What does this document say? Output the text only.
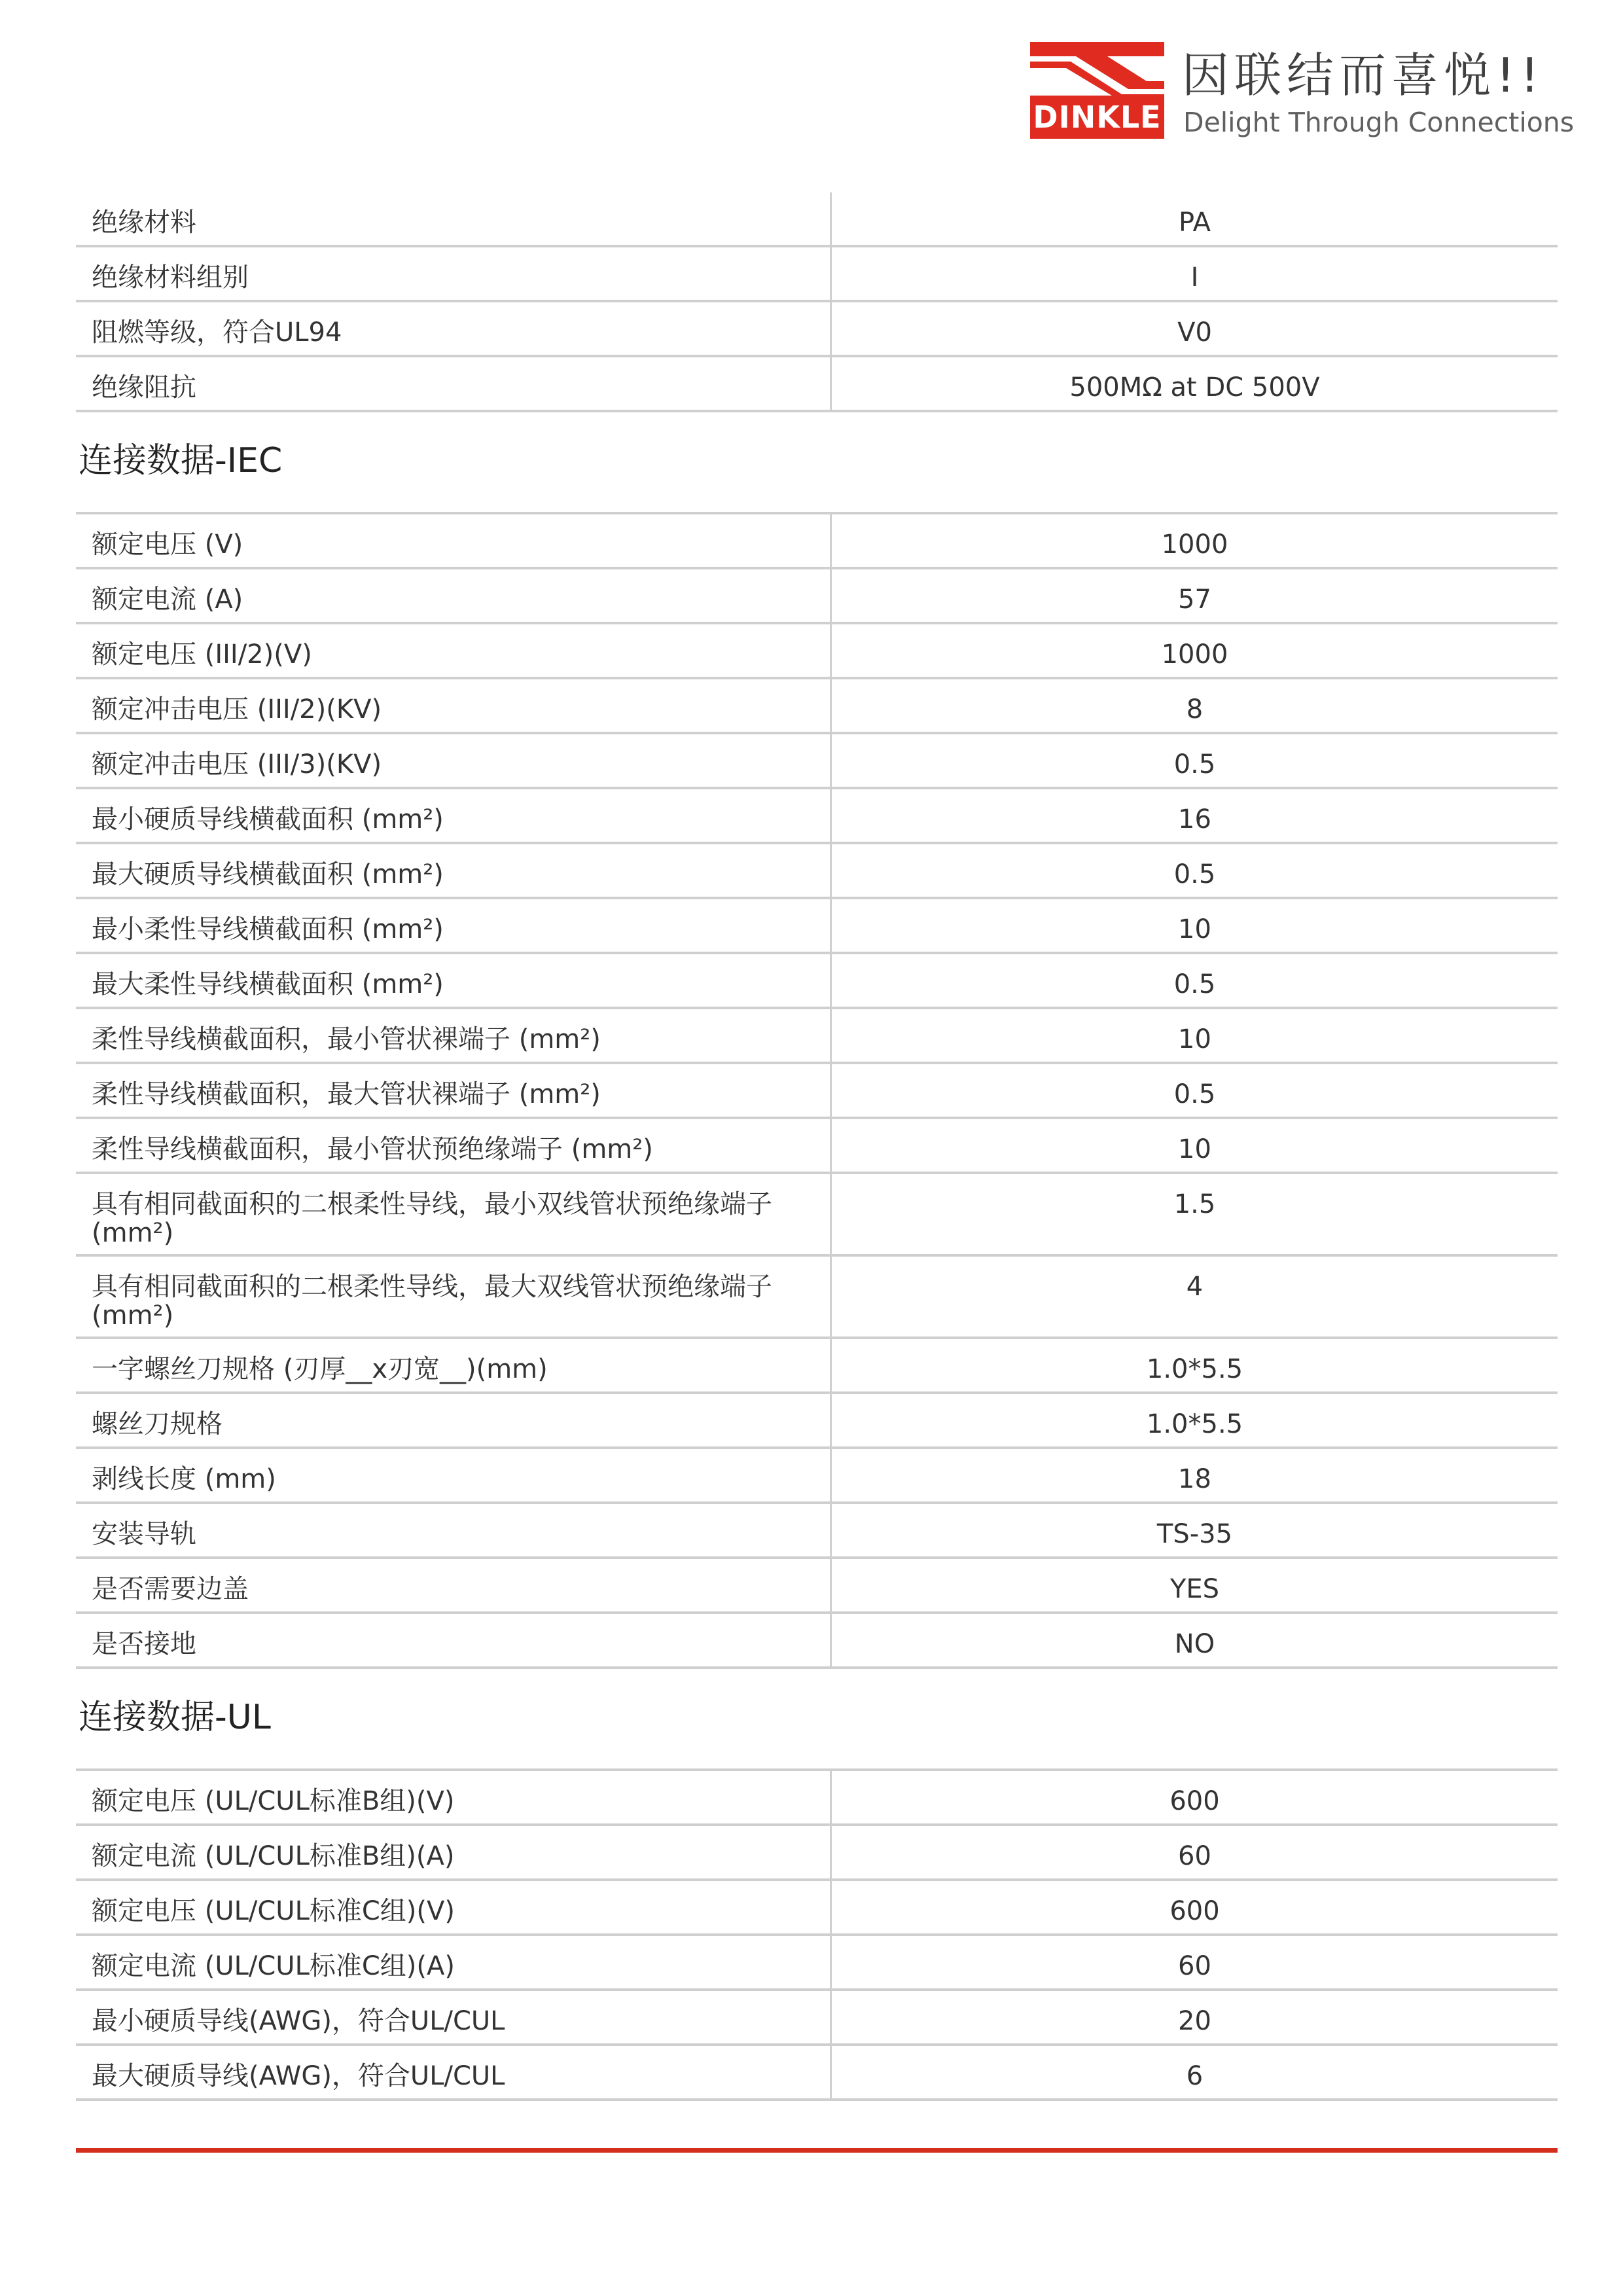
DINKLE
因联结而喜悦!!
Delight Through Connections
绝缘材料	PA
绝缘材料组别	I
阻燃等级，符合UL94	V0
绝缘阻抗	500MΩ at DC 500V
连接数据-IEC
额定电压 (V)	1000
额定电流 (A)	57
额定电压 (III/2)(V)	1000
额定冲击电压 (III/2)(KV)	8
额定冲击电压 (III/3)(KV)	0.5
最小硬质导线横截面积 (mm²)	16
最大硬质导线横截面积 (mm²)	0.5
最小柔性导线横截面积 (mm²)	10
最大柔性导线横截面积 (mm²)	0.5
柔性导线横截面积，最小管状裸端子 (mm²)	10
柔性导线横截面积，最大管状裸端子 (mm²)	0.5
柔性导线横截面积，最小管状预绝缘端子 (mm²)	10
具有相同截面积的二根柔性导线，最小双线管状预绝缘端子 (mm²)	1.5
具有相同截面积的二根柔性导线，最大双线管状预绝缘端子 (mm²)	4
一字螺丝刀规格 (刃厚__x刃宽__)(mm)	1.0*5.5
螺丝刀规格	1.0*5.5
剥线长度 (mm)	18
安装导轨	TS-35
是否需要边盖	YES
是否接地	NO
连接数据-UL
额定电压 (UL/CUL标准B组)(V)	600
额定电流 (UL/CUL标准B组)(A)	60
额定电压 (UL/CUL标准C组)(V)	600
额定电流 (UL/CUL标准C组)(A)	60
最小硬质导线(AWG)，符合UL/CUL	20
最大硬质导线(AWG)，符合UL/CUL	6
